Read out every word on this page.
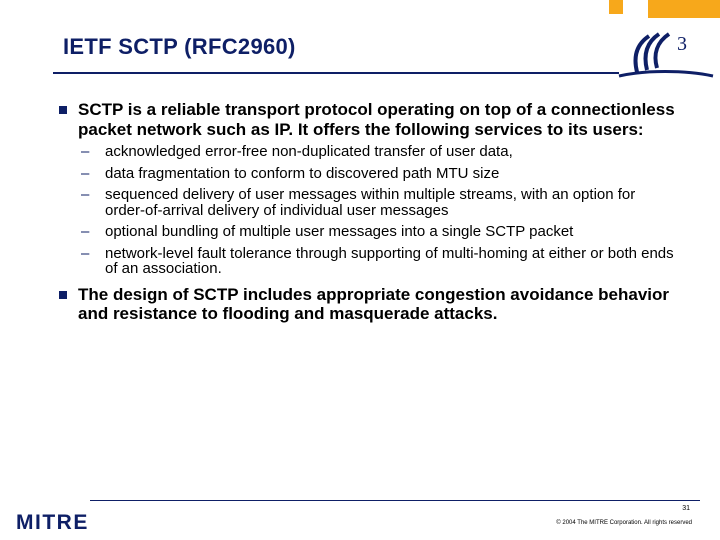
3
IETF SCTP (RFC2960)
SCTP is a reliable transport protocol operating on top of a connectionless packet network such as IP. It offers the following services to its users:
– acknowledged error-free non-duplicated transfer of user data,
– data fragmentation to conform to discovered path MTU size
– sequenced delivery of user messages within multiple streams, with an option for order-of-arrival delivery of individual user messages
– optional bundling of multiple user messages into a single SCTP packet
– network-level fault tolerance through supporting of multi-homing at either or both ends of an association.
The design of SCTP includes appropriate congestion avoidance behavior and resistance to flooding and masquerade attacks.
MITRE
31
© 2004 The MITRE Corporation. All rights reserved
